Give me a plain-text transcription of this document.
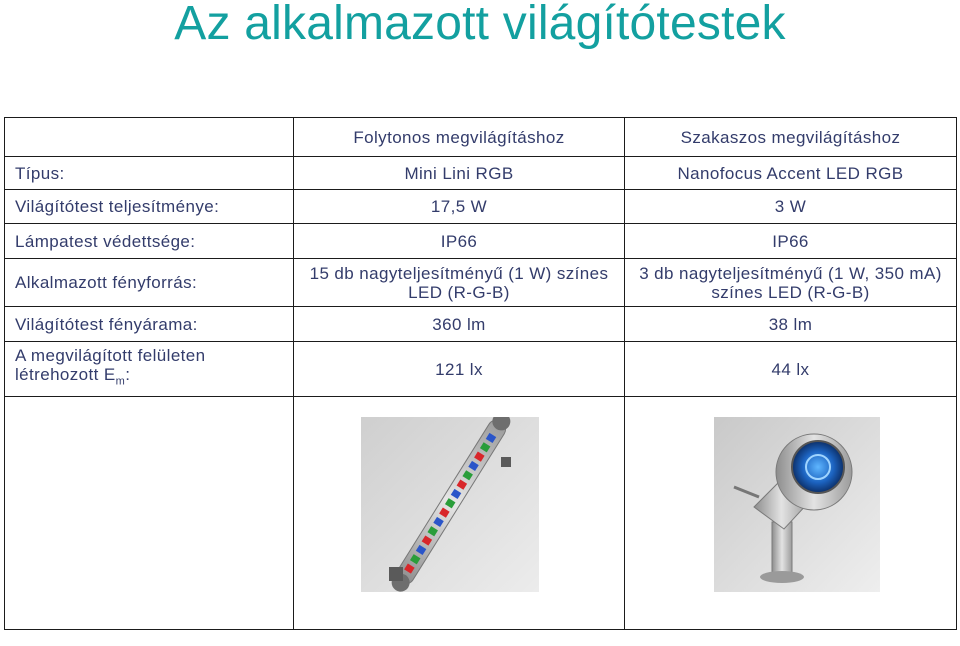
Az alkalmazott világítótestek
	Folytonos megvilágításhoz	Szakaszos megvilágításhoz
Típus:	Mini Lini RGB	Nanofocus Accent LED RGB
Világítótest teljesítménye:	17,5 W	3 W
Lámpatest védettsége:	IP66	IP66
Alkalmazott fényforrás:	15 db nagyteljesítményű (1 W) színes LED (R-G-B)	3 db nagyteljesítményű (1 W, 350 mA) színes LED (R-G-B)
Világítótest fényárama:	360 lm	38 lm
A megvilágított felületen létrehozott $E_m$:	121 lx	44 lx
